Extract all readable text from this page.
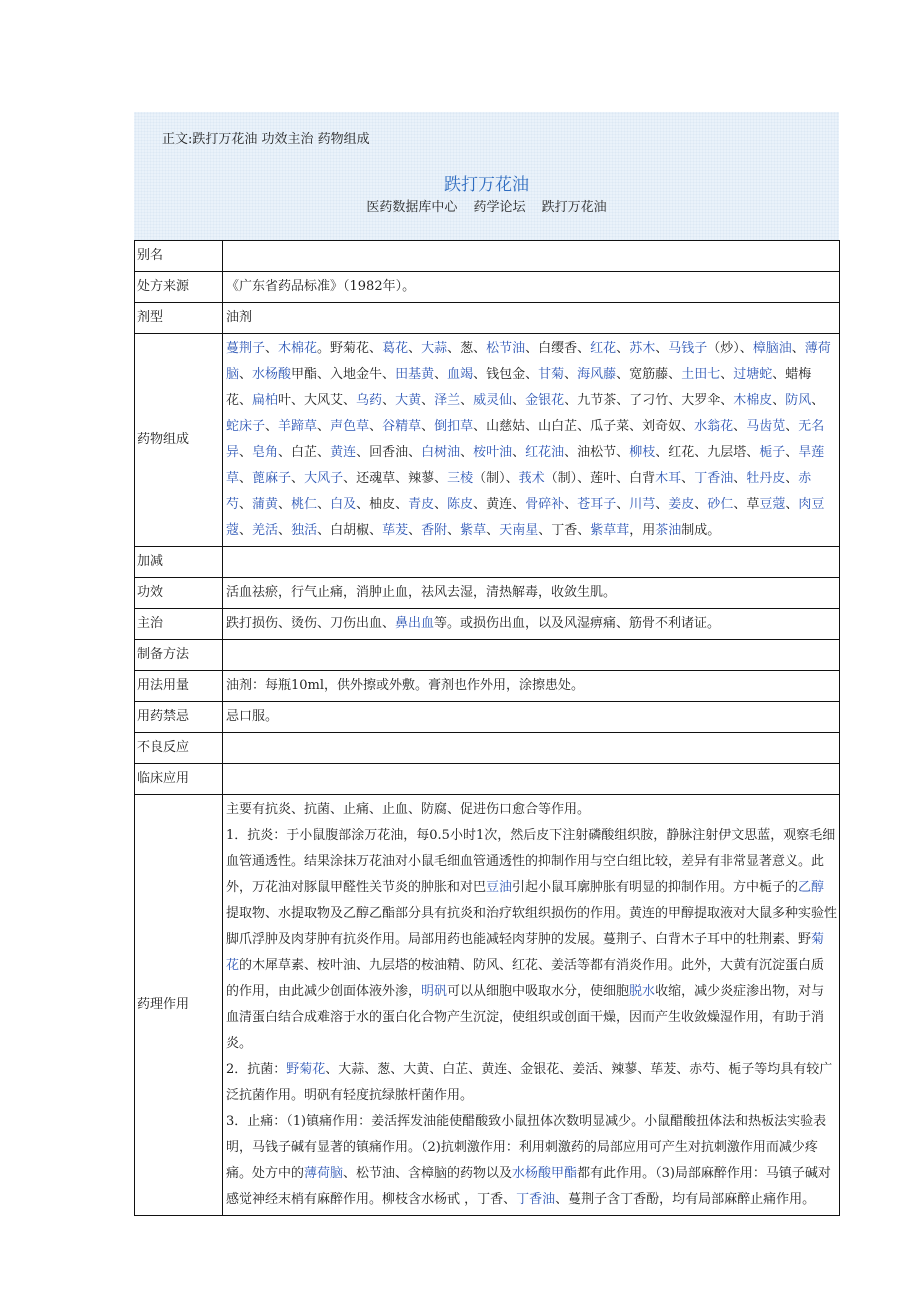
正文:跌打万花油 功效主治 药物组成
跌打万花油
医药数据库中心 药学论坛 跌打万花油
别名	
处方来源	《广东省药品标准》（1982年）。
剂型	油剂
药物组成	蔓荆子、木棉花。野菊花、葛花、大蒜、葱、松节油、白缨香、红花、苏木、马钱子（炒）、樟脑油、薄荷脑、水杨酸甲酯、入地金牛、田基黄、血竭、钱包金、甘菊、海风藤、宽筋藤、土田七、过塘蛇、蜡梅花、扁柏叶、大风艾、乌药、大黄、泽兰、威灵仙、金银花、九节茶、了刁竹、大罗伞、木棉皮、防风、蛇床子、羊蹄草、声色草、谷精草、倒扣草、山慈姑、山白芷、瓜子菜、刘奇奴、水翁花、马齿苋、无名异、皂角、白芷、黄连、回香油、白树油、桉叶油、红花油、油松节、柳枝、红花、九层塔、栀子、旱莲草、蓖麻子、大风子、还魂草、辣蓼、三棱（制）、莪术（制）、莲叶、白背木耳、丁香油、牡丹皮、赤芍、蒲黄、桃仁、白及、柚皮、青皮、陈皮、黄连、骨碎补、苍耳子、川芎、姜皮、砂仁、草豆蔻、肉豆蔻、羌活、独活、白胡椒、荜茇、香附、紫草、天南星、丁香、紫草茸，用茶油制成。
加减	
功效	活血祛瘀，行气止痛，消肿止血，祛风去湿，清热解毒，收敛生肌。
主治	跌打损伤、烫伤、刀伤出血、鼻出血等。或损伤出血，以及风湿痹痛、筋骨不利诸证。
制备方法	
用法用量	油剂：每瓶10ml，供外擦或外敷。膏剂也作外用，涂擦患处。
用药禁忌	忌口服。
不良反应	
临床应用	
药理作用	主要有抗炎、抗菌、止痛、止血、防腐、促进伤口愈合等作用。

1．抗炎：于小鼠腹部涂万花油，每0.5小时1次，然后皮下注射磷酸组织胺，静脉注射伊文思蓝，观察毛细血管通透性。结果涂抹万花油对小鼠毛细血管通透性的抑制作用与空白组比较，差异有非常显著意义。此外，万花油对豚鼠甲醛性关节炎的肿胀和对巴豆油引起小鼠耳廓肿胀有明显的抑制作用。方中栀子的乙醇提取物、水提取物及乙醇乙酯部分具有抗炎和治疗软组织损伤的作用。黄连的甲醇提取液对大鼠多种实验性脚爪浮肿及肉芽肿有抗炎作用。局部用药也能减轻肉芽肿的发展。蔓荆子、白背木子耳中的牡荆素、野菊花的木犀草素、桉叶油、九层塔的桉油精、防风、红花、姜活等都有消炎作用。此外，大黄有沉淀蛋白质的作用，由此减少创面体液外渗，明矾可以从细胞中吸取水分，使细胞脱水收缩，减少炎症渗出物，对与血清蛋白结合成难溶于水的蛋白化合物产生沉淀，使组织或创面干燥，因而产生收敛燥湿作用，有助于消炎。

2．抗菌：野菊花、大蒜、葱、大黄、白芷、黄连、金银花、姜活、辣蓼、荜茇、赤芍、栀子等均具有较广泛抗菌作用。明矾有轻度抗绿脓杆菌作用。

3．止痛：（1)镇痛作用：姜活挥发油能使醋酸致小鼠扭体次数明显减少。小鼠醋酸扭体法和热板法实验表明，马钱子碱有显著的镇痛作用。（2)抗刺激作用：利用刺激药的局部应用可产生对抗刺激作用而减少疼痛。处方中的薄荷脑、松节油、含樟脑的药物以及水杨酸甲酯都有此作用。（3)局部麻醉作用：马镇子碱对感觉神经末梢有麻醉作用。柳枝含水杨甙 ，丁香、丁香油、蔓荆子含丁香酚，均有局部麻醉止痛作用。
